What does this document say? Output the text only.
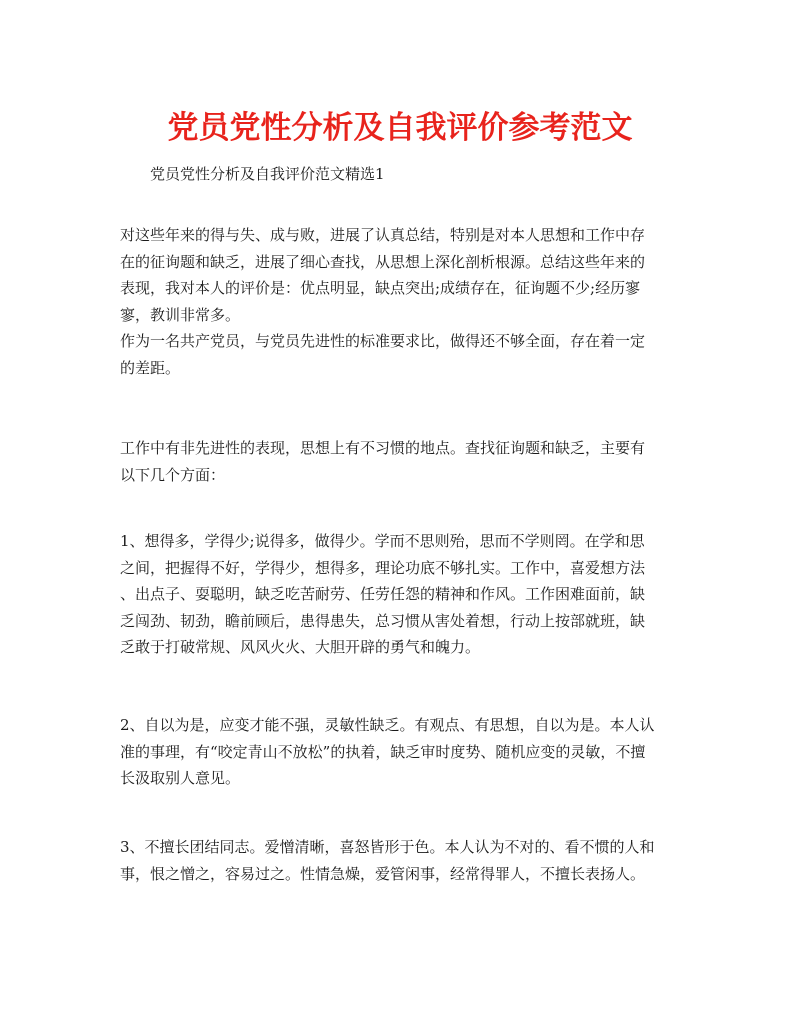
党员党性分析及自我评价参考范文
党员党性分析及自我评价范文精选1
对这些年来的得与失、成与败，进展了认真总结，特别是对本人思想和工作中存
在的征询题和缺乏，进展了细心查找，从思想上深化剖析根源。总结这些年来的
表现，我对本人的评价是：优点明显，缺点突出;成绩存在，征询题不少;经历寥
寥，教训非常多。
作为一名共产党员，与党员先进性的标准要求比，做得还不够全面，存在着一定
的差距。
工作中有非先进性的表现，思想上有不习惯的地点。查找征询题和缺乏，主要有
以下几个方面：
1、想得多，学得少;说得多，做得少。学而不思则殆，思而不学则罔。在学和思
之间，把握得不好，学得少，想得多，理论功底不够扎实。工作中，喜爱想方法
、出点子、耍聪明，缺乏吃苦耐劳、任劳任怨的精神和作风。工作困难面前，缺
乏闯劲、韧劲，瞻前顾后，患得患失，总习惯从害处着想，行动上按部就班，缺
乏敢于打破常规、风风火火、大胆开辟的勇气和魄力。
2、自以为是，应变才能不强，灵敏性缺乏。有观点、有思想，自以为是。本人认
准的事理，有“咬定青山不放松”的执着，缺乏审时度势、随机应变的灵敏，不擅
长汲取别人意见。
3、不擅长团结同志。爱憎清晰，喜怒皆形于色。本人认为不对的、看不惯的人和
事，恨之憎之，容易过之。性情急燥，爱管闲事，经常得罪人，不擅长表扬人。
